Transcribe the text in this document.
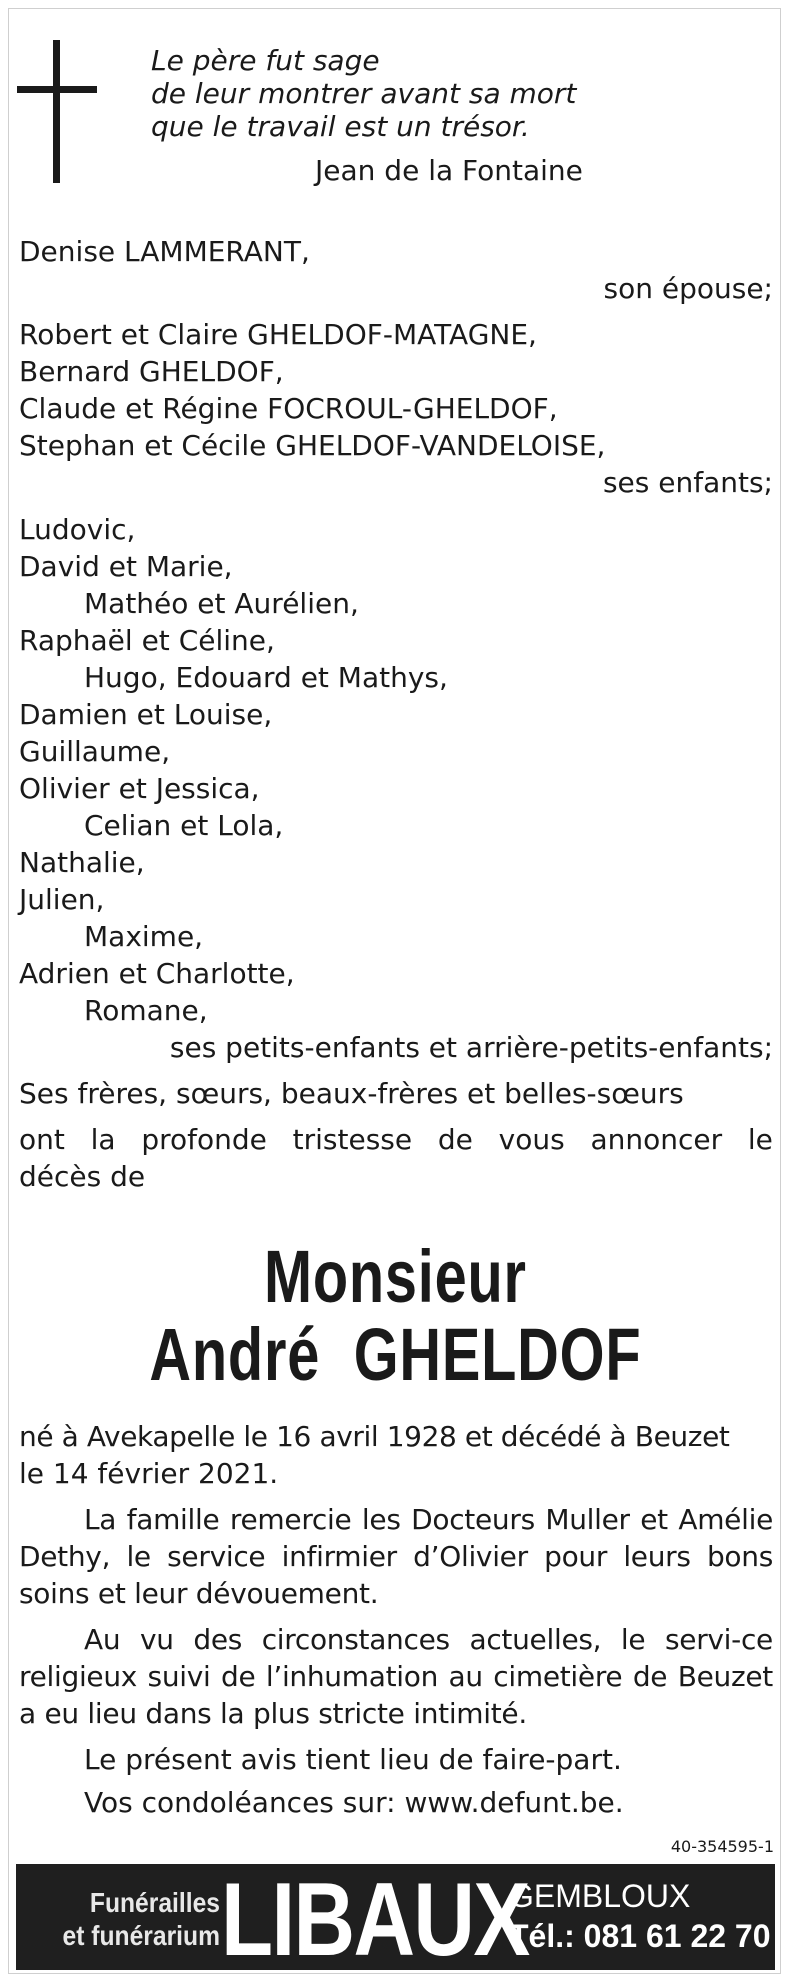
Le père fut sage
de leur montrer avant sa mort
que le travail est un trésor.
Jean de la Fontaine
Denise LAMMERANT,
son épouse;
Robert et Claire GHELDOF-MATAGNE,
Bernard GHELDOF,
Claude et Régine FOCROUL-GHELDOF,
Stephan et Cécile GHELDOF-VANDELOISE,
ses enfants;
Ludovic,
David et Marie,
Mathéo et Aurélien,
Raphaël et Céline,
Hugo, Edouard et Mathys,
Damien et Louise,
Guillaume,
Olivier et Jessica,
Celian et Lola,
Nathalie,
Julien,
Maxime,
Adrien et Charlotte,
Romane,
ses petits-enfants et arrière-petits-enfants;
Ses frères, sœurs, beaux-frères et belles-sœurs
ont la profonde tristesse de vous annoncer le
décès de
Monsieur
André  GHELDOF
né à Avekapelle le 16 avril 1928 et décédé à Beuzet
le 14 février 2021.
La famille remercie les Docteurs Muller et Amélie Dethy, le service infirmier d’Olivier pour leurs bons soins et leur dévouement.
Au vu des circonstances actuelles, le servi-ce religieux suivi de l’inhumation au cimetière de Beuzet a eu lieu dans la plus stricte intimité.
Le présent avis tient lieu de faire-part.
Vos condoléances sur: www.defunt.be.
40-354595-1
Funérailles
et funérarium LIBAUX
GEMBLOUX
Tél.: 081 61 22 70
